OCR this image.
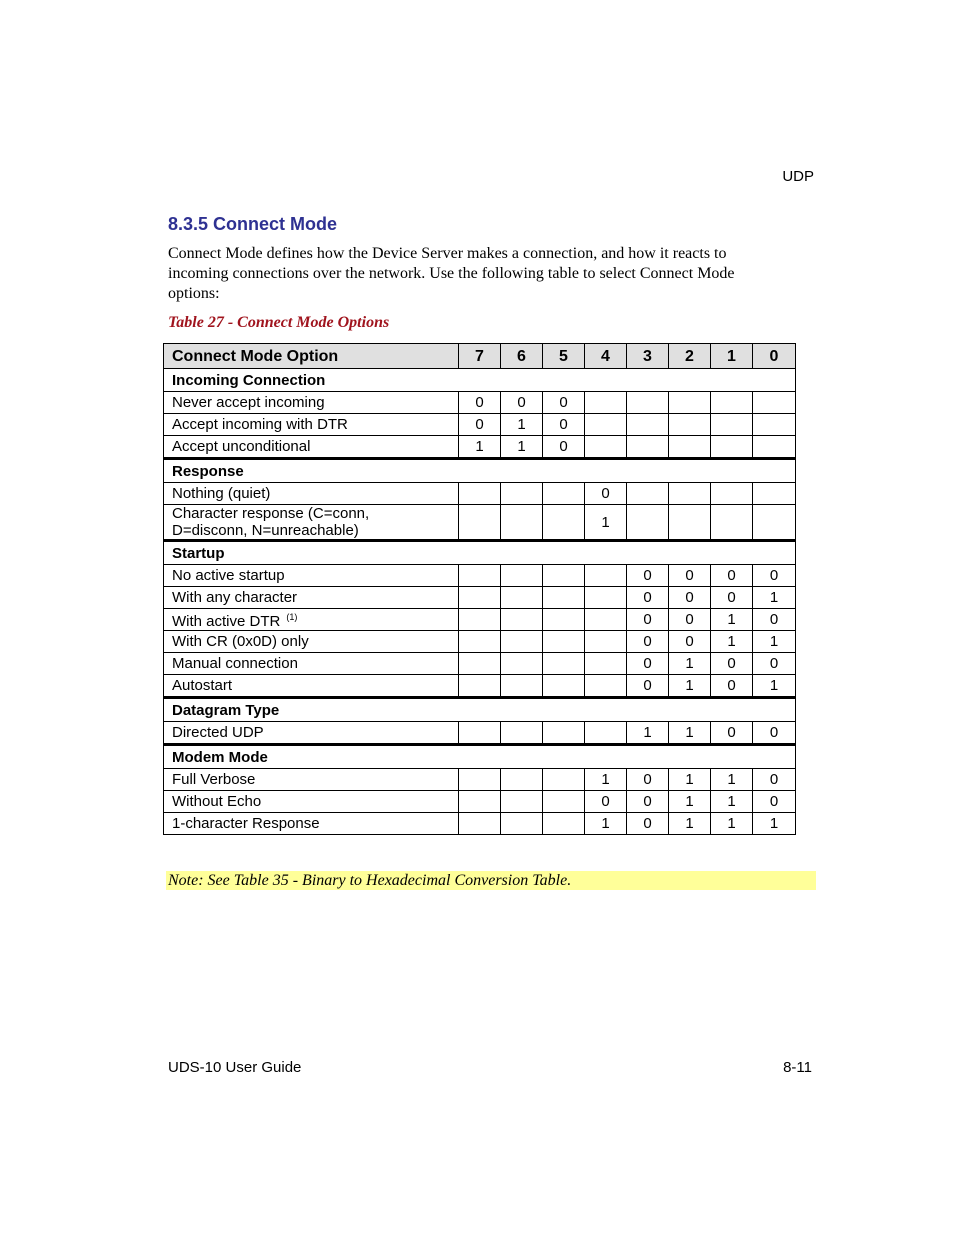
UDP
8.3.5 Connect Mode
Connect Mode defines how the Device Server makes a connection, and how it reacts to incoming connections over the network. Use the following table to select Connect Mode options:
Table 27 - Connect Mode Options
Connect Mode Option	7	6	5	4	3	2	1	0
Incoming Connection								
Never accept incoming	0	0	0					
Accept incoming with DTR	0	1	0					
Accept unconditional	1	1	0					
Response								
Nothing (quiet)				0				
Character response (C=conn,
D=disconn, N=unreachable)				1				
Startup								
No active startup					0	0	0	0
With any character					0	0	0	1
With active DTR $^{(1)}$					0	0	1	0
With CR (0x0D) only					0	0	1	1
Manual connection					0	1	0	0
Autostart					0	1	0	1
Datagram Type								
Directed UDP					1	1	0	0
Modem Mode								
Full Verbose				1	0	1	1	0
Without Echo				0	0	1	1	0
1-character Response				1	0	1	1	1
Note: See Table 35 - Binary to Hexadecimal Conversion Table.
UDS-10 User Guide	8-11
